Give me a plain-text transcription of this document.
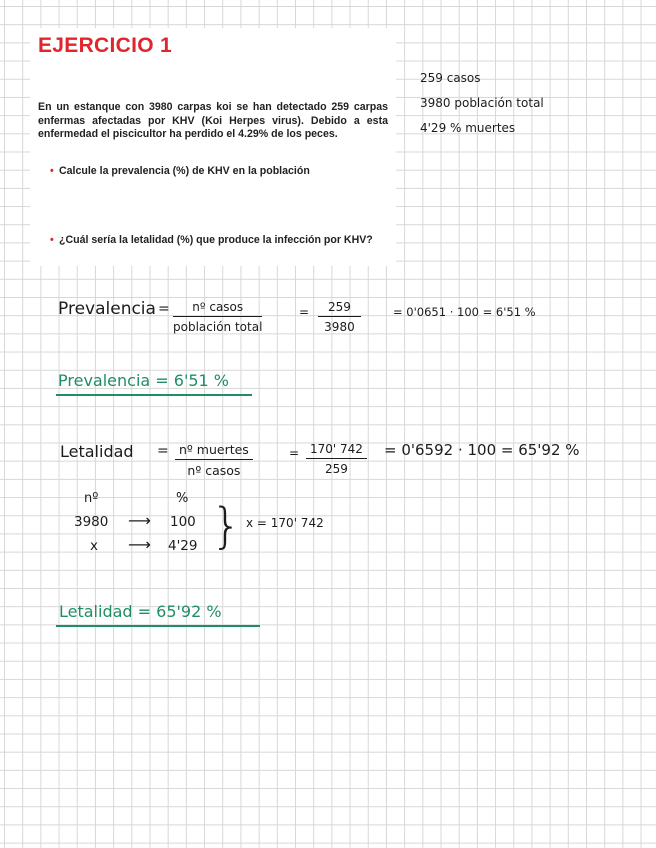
EJERCICIO 1
En un estanque con 3980 carpas koi se han detectado 259 carpas enfermas afectadas por KHV (Koi Herpes virus). Debido a esta enfermedad el piscicultor ha perdido el 4.29% de los peces.
• Calcule la prevalencia (%) de KHV en la población
• ¿Cuál sería la letalidad (%) que produce la infección por KHV?
259 casos
3980 población total
4'29 % muertes
Prevalencia =	nº casos
población total
= $\frac{259}{3980}$	= 0'0651 · 100 = 6'51 %
Prevalencia = 6'51 %
Letalidad = nº muertes
nº casos
= $\frac{170' 742}{259} = 0'6592 \cdot 100 = 65'92$ %
nº	%
3980 ⟶ 100
x ⟶ 4'29 } x = 170' 742
Letalidad = 65'92 %
